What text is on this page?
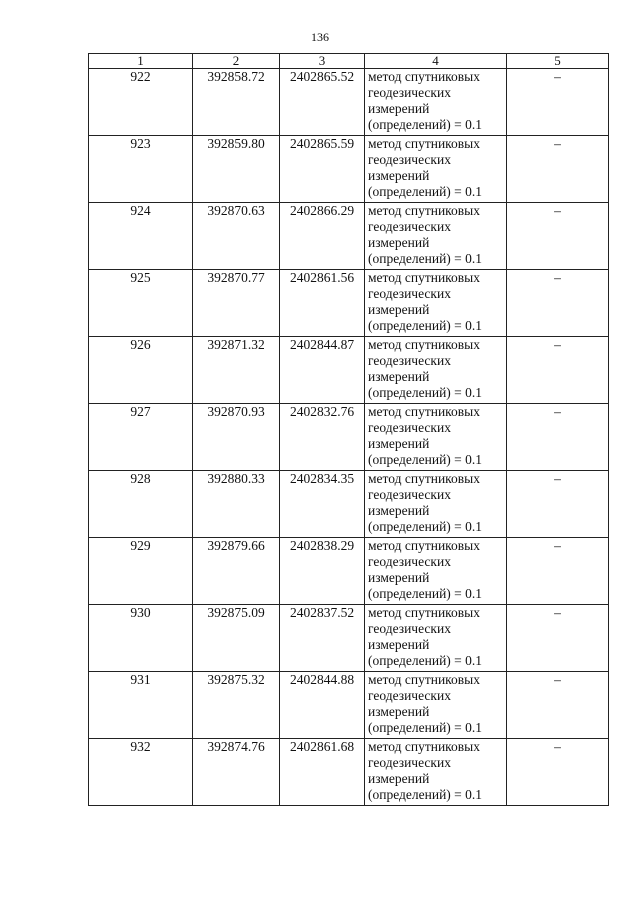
136
1	2	3	4	5
922	392858.72	2402865.52	метод спутниковых геодезических измерений (определений) = 0.1	–
923	392859.80	2402865.59	метод спутниковых геодезических измерений (определений) = 0.1	–
924	392870.63	2402866.29	метод спутниковых геодезических измерений (определений) = 0.1	–
925	392870.77	2402861.56	метод спутниковых геодезических измерений (определений) = 0.1	–
926	392871.32	2402844.87	метод спутниковых геодезических измерений (определений) = 0.1	–
927	392870.93	2402832.76	метод спутниковых геодезических измерений (определений) = 0.1	–
928	392880.33	2402834.35	метод спутниковых геодезических измерений (определений) = 0.1	–
929	392879.66	2402838.29	метод спутниковых геодезических измерений (определений) = 0.1	–
930	392875.09	2402837.52	метод спутниковых геодезических измерений (определений) = 0.1	–
931	392875.32	2402844.88	метод спутниковых геодезических измерений (определений) = 0.1	–
932	392874.76	2402861.68	метод спутниковых геодезических измерений (определений) = 0.1	–
